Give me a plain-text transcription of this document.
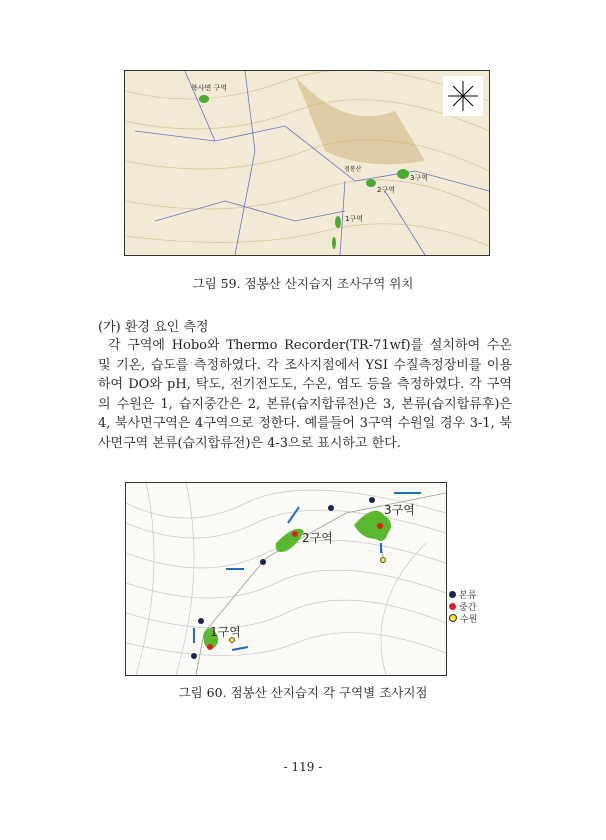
북사면 구역
점봉산
2구역
3구역
1구역
그림 59. 점봉산 산지습지 조사구역 위치
(가) 환경 요인 측정
각 구역에 Hobo와 Thermo Recorder(TR-71wf)를 설치하여 수온 및 기온, 습도를 측정하였다. 각 조사지점에서 YSI 수질측정장비를 이용하여 DO와 pH, 탁도, 전기전도도, 수온, 염도 등을 측정하였다. 각 구역의 수원은 1, 습지중간은 2, 본류(습지합류전)은 3, 본류(습지합류후)은 4, 북사면구역은 4구역으로 정한다. 예를들어 3구역 수원일 경우 3-1, 북사면구역 본류(습지합류전)은 4-3으로 표시하고 한다.
3구역
2구역
1구역
본류
중간
수원
그림 60. 점봉산 산지습지 각 구역별 조사지점
- 119 -
